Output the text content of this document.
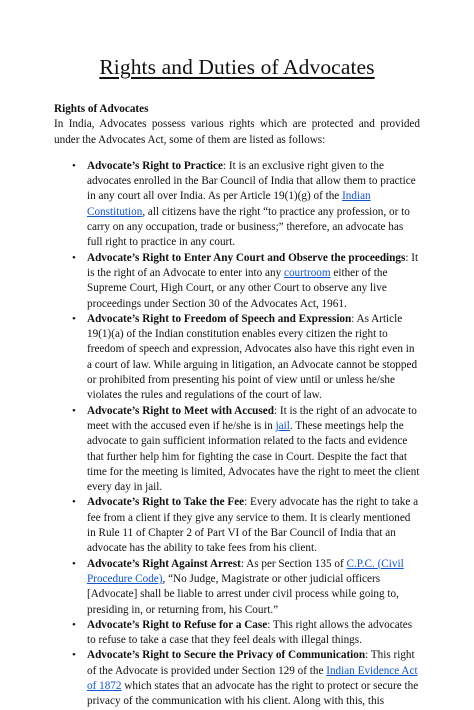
Rights and Duties of Advocates

Rights of Advocates

In India, Advocates possess various rights which are protected and provided under the Advocates Act, some of them are listed as follows:

• Advocate’s Right to Practice: It is an exclusive right given to the advocates enrolled in the Bar Council of India that allow them to practice in any court all over India. As per Article 19(1)(g) of the Indian Constitution, all citizens have the right “to practice any profession, or to carry on any occupation, trade or business;” therefore, an advocate has full right to practice in any court.
• Advocate’s Right to Enter Any Court and Observe the proceedings: It is the right of an Advocate to enter into any courtroom either of the Supreme Court, High Court, or any other Court to observe any live proceedings under Section 30 of the Advocates Act, 1961.
• Advocate’s Right to Freedom of Speech and Expression: As Article 19(1)(a) of the Indian constitution enables every citizen the right to freedom of speech and expression, Advocates also have this right even in a court of law. While arguing in litigation, an Advocate cannot be stopped or prohibited from presenting his point of view until or unless he/she violates the rules and regulations of the court of law.
• Advocate’s Right to Meet with Accused: It is the right of an advocate to meet with the accused even if he/she is in jail. These meetings help the advocate to gain sufficient information related to the facts and evidence that further help him for fighting the case in Court. Despite the fact that time for the meeting is limited, Advocates have the right to meet the client every day in jail.
• Advocate’s Right to Take the Fee: Every advocate has the right to take a fee from a client if they give any service to them. It is clearly mentioned in Rule 11 of Chapter 2 of Part VI of the Bar Council of India that an advocate has the ability to take fees from his client.
• Advocate’s Right Against Arrest: As per Section 135 of C.P.C. (Civil Procedure Code), “No Judge, Magistrate or other judicial officers [Advocate] shall be liable to arrest under civil process while going to, presiding in, or returning from, his Court.”
• Advocate’s Right to Refuse for a Case: This right allows the advocates to refuse to take a case that they feel deals with illegal things.
• Advocate’s Right to Secure the Privacy of Communication: This right of the Advocate is provided under Section 129 of the Indian Evidence Act of 1872 which states that an advocate has the right to protect or secure the privacy of the communication with his client. Along with this, this
